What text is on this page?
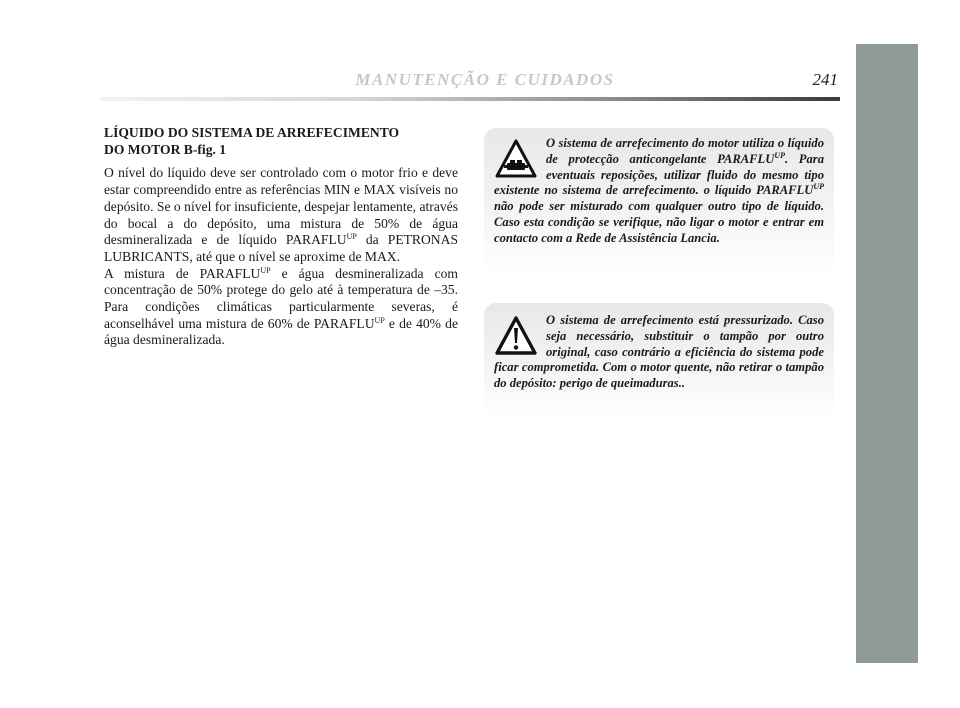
MANUTENÇÃO E CUIDADOS	241
LÍQUIDO DO SISTEMA DE ARREFECIMENTO
DO MOTOR B-fig. 1

O nível do líquido deve ser controlado com o motor frio e deve estar compreendido entre as referências MIN e MAX visíveis no depósito. Se o nível for insuficiente, despejar lentamente, através do bocal a do depósito, uma mistura de 50% de água desmineralizada e de líquido $PARAFLU^{UP}$ da PETRONAS LUBRICANTS, até que o nível se aproxime de MAX.
A mistura de $PARAFLU^{UP}$ e água desmineralizada com concentração de 50% protege do gelo até à temperatura de –35. Para condições climáticas particularmente severas, é aconselhável uma mistura de 60% de $PARAFLU^{UP}$ e de 40% de água desmineralizada.

O sistema de arrefecimento do motor utiliza o líquido de protecção anticongelante $PARAFLU^{UP}$. Para eventuais reposições, utilizar fluido do mesmo tipo existente no sistema de arrefecimento. o líquido $PARAFLU^{UP}$ não pode ser misturado com qualquer outro tipo de líquido. Caso esta condição se verifique, não ligar o motor e entrar em contacto com a Rede de Assistência Lancia.

O sistema de arrefecimento está pressurizado. Caso seja necessário, substituir o tampão por outro original, caso contrário a eficiência do sistema pode ficar comprometida. Com o motor quente, não retirar o tampão do depósito: perigo de queimaduras..
